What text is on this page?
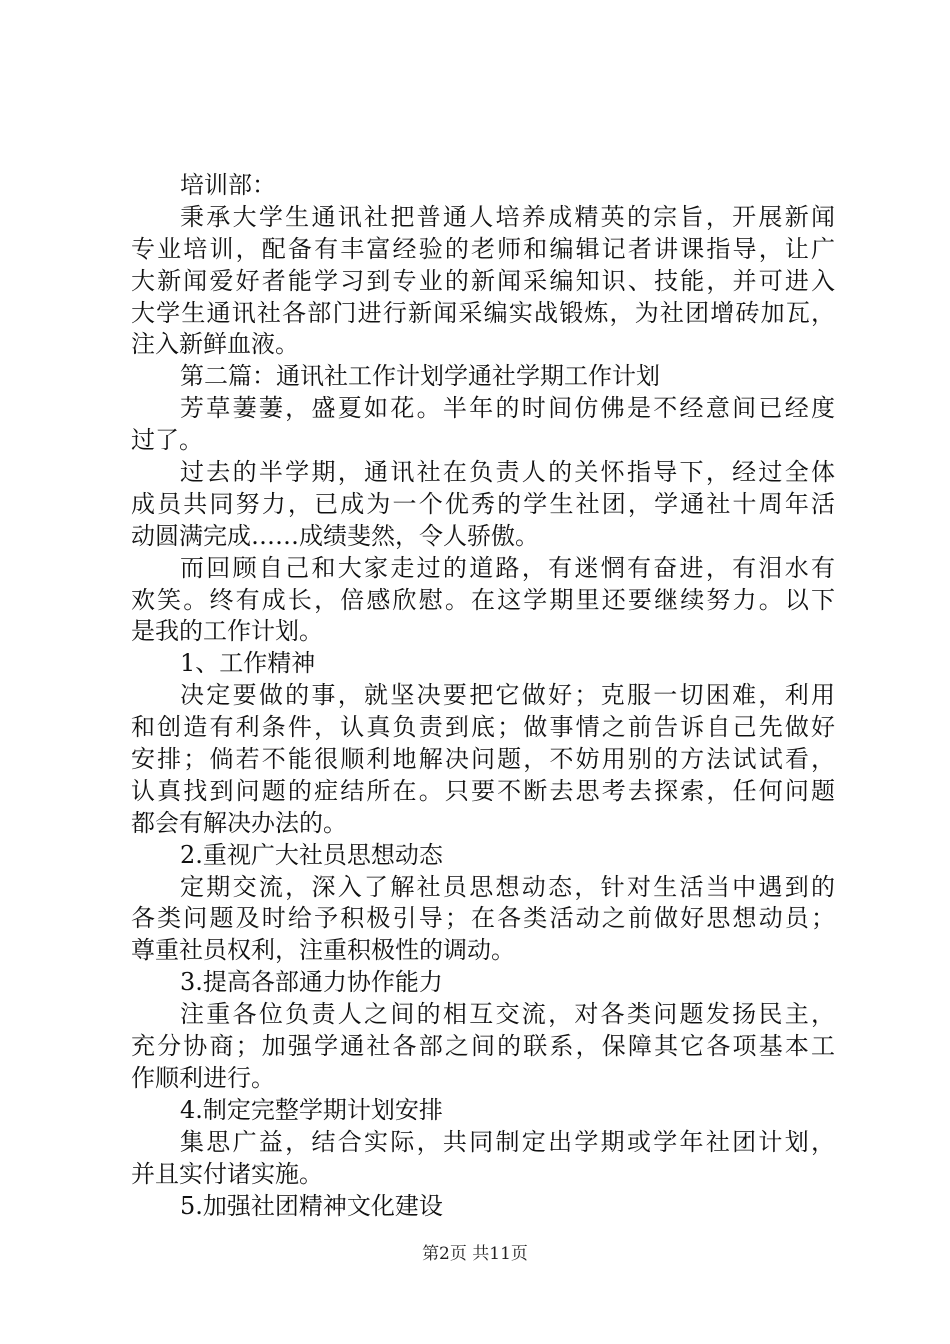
培训部：
秉承大学生通讯社把普通人培养成精英的宗旨，开展新闻
专业培训，配备有丰富经验的老师和编辑记者讲课指导，让广
大新闻爱好者能学习到专业的新闻采编知识、技能，并可进入
大学生通讯社各部门进行新闻采编实战锻炼，为社团增砖加瓦，
注入新鲜血液。
第二篇：通讯社工作计划学通社学期工作计划
芳草萋萋，盛夏如花。半年的时间仿佛是不经意间已经度
过了。
过去的半学期，通讯社在负责人的关怀指导下，经过全体
成员共同努力，已成为一个优秀的学生社团，学通社十周年活
动圆满完成……成绩斐然，令人骄傲。
而回顾自己和大家走过的道路，有迷惘有奋进，有泪水有
欢笑。终有成长，倍感欣慰。在这学期里还要继续努力。以下
是我的工作计划。
1、工作精神
决定要做的事，就坚决要把它做好；克服一切困难，利用
和创造有利条件，认真负责到底；做事情之前告诉自己先做好
安排；倘若不能很顺利地解决问题，不妨用别的方法试试看，
认真找到问题的症结所在。只要不断去思考去探索，任何问题
都会有解决办法的。
2.重视广大社员思想动态
定期交流，深入了解社员思想动态，针对生活当中遇到的
各类问题及时给予积极引导；在各类活动之前做好思想动员；
尊重社员权利，注重积极性的调动。
3.提高各部通力协作能力
注重各位负责人之间的相互交流，对各类问题发扬民主，
充分协商；加强学通社各部之间的联系，保障其它各项基本工
作顺利进行。
4.制定完整学期计划安排
集思广益，结合实际，共同制定出学期或学年社团计划，
并且实付诸实施。
5.加强社团精神文化建设
第2页 共11页
